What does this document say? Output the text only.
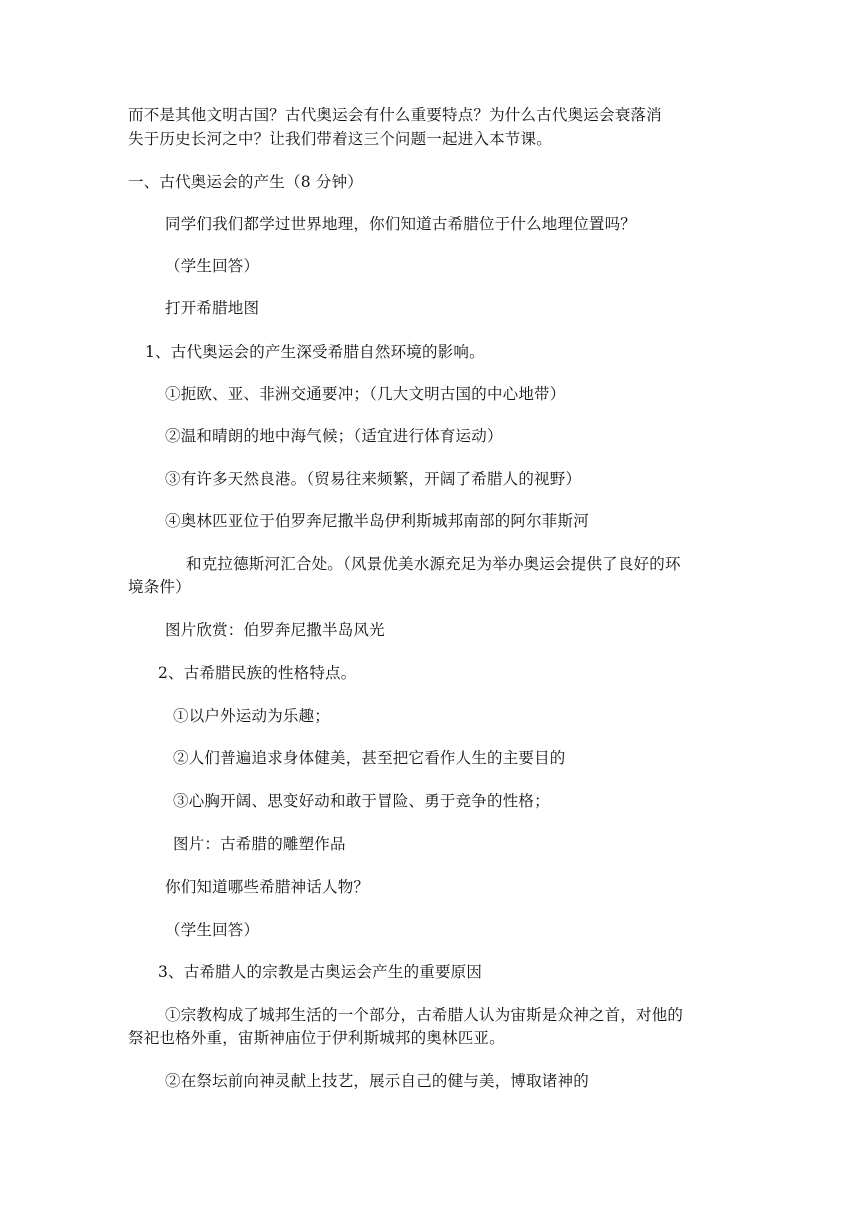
而不是其他文明古国？古代奥运会有什么重要特点？为什么古代奥运会衰落消
失于历史长河之中？让我们带着这三个问题一起进入本节课。
一、古代奥运会的产生（8 分钟）
同学们我们都学过世界地理，你们知道古希腊位于什么地理位置吗？
（学生回答）
打开希腊地图
1、古代奥运会的产生深受希腊自然环境的影响。
①扼欧、亚、非洲交通要冲；（几大文明古国的中心地带）
②温和晴朗的地中海气候；（适宜进行体育运动）
③有许多天然良港。（贸易往来频繁，开阔了希腊人的视野）
④奥林匹亚位于伯罗奔尼撒半岛伊利斯城邦南部的阿尔菲斯河
和克拉德斯河汇合处。（风景优美水源充足为举办奥运会提供了良好的环
境条件）
图片欣赏：伯罗奔尼撒半岛风光
2、古希腊民族的性格特点。
①以户外运动为乐趣；
②人们普遍追求身体健美，甚至把它看作人生的主要目的
③心胸开阔、思变好动和敢于冒险、勇于竞争的性格；
图片：古希腊的雕塑作品
你们知道哪些希腊神话人物？
（学生回答）
3、古希腊人的宗教是古奥运会产生的重要原因
①宗教构成了城邦生活的一个部分，古希腊人认为宙斯是众神之首，对他的
祭祀也格外重，宙斯神庙位于伊利斯城邦的奥林匹亚。
②在祭坛前向神灵献上技艺，展示自己的健与美，博取诸神的
